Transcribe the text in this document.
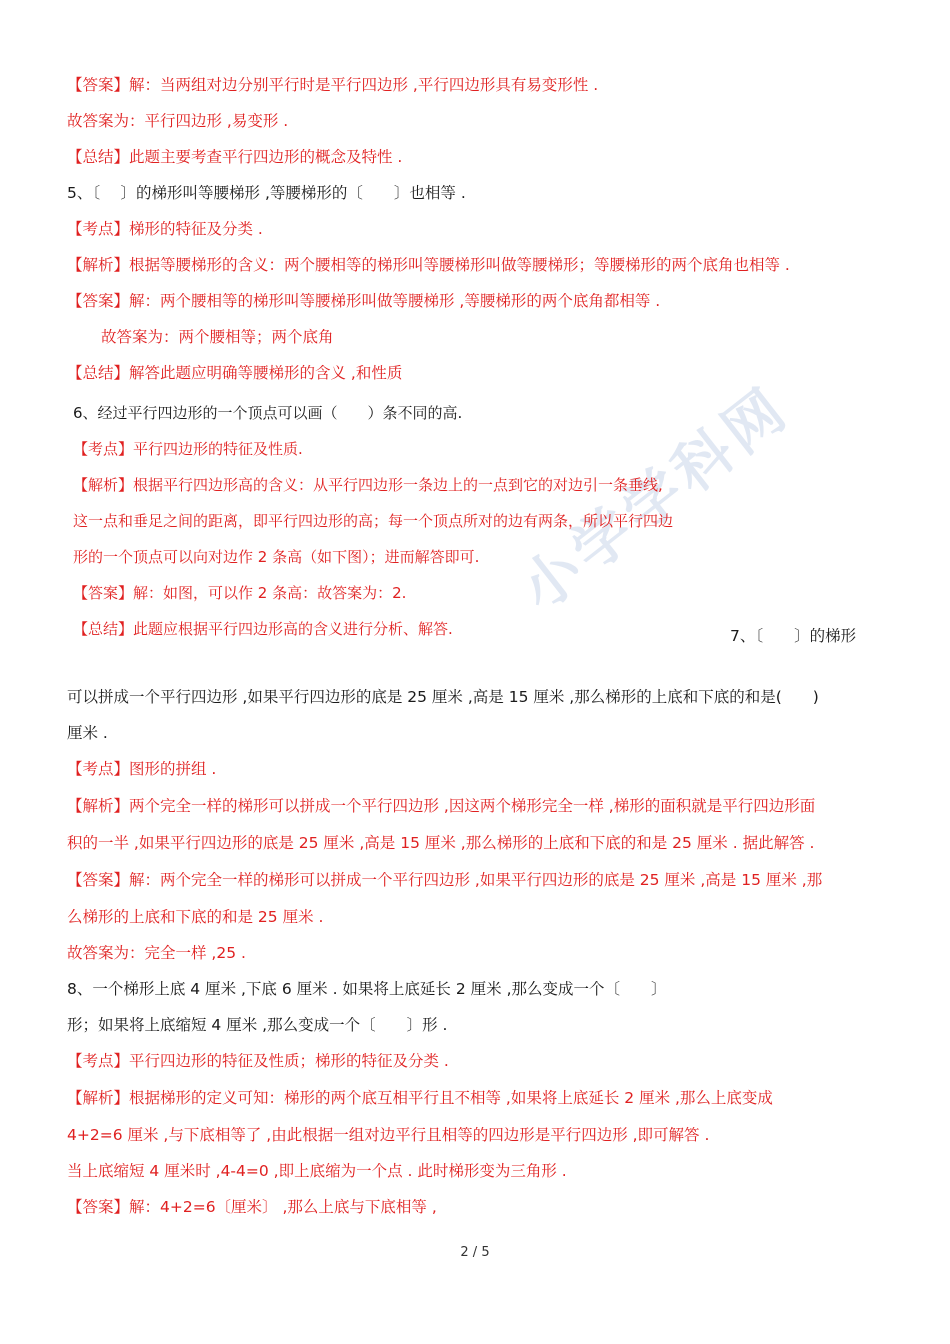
小学学科网
【答案】解：当两组对边分别平行时是平行四边形 ,平行四边形具有易变形性 .
故答案为：平行四边形 ,易变形 .
【总结】此题主要考查平行四边形的概念及特性 .
5、〔　 〕的梯形叫等腰梯形 ,等腰梯形的〔　　〕也相等 .
【考点】梯形的特征及分类 .
【解析】根据等腰梯形的含义：两个腰相等的梯形叫等腰梯形叫做等腰梯形；等腰梯形的两个底角也相等 .
【答案】解：两个腰相等的梯形叫等腰梯形叫做等腰梯形 ,等腰梯形的两个底角都相等 .
故答案为：两个腰相等；两个底角
【总结】解答此题应明确等腰梯形的含义 ,和性质
6、经过平行四边形的一个顶点可以画（　　）条不同的高.
【考点】平行四边形的特征及性质.
【解析】根据平行四边形高的含义：从平行四边形一条边上的一点到它的对边引一条垂线,
这一点和垂足之间的距离，即平行四边形的高；每一个顶点所对的边有两条，所以平行四边
形的一个顶点可以向对边作 2 条高（如下图）；进而解答即可.
【答案】解：如图，可以作 2 条高：故答案为：2.
【总结】此题应根据平行四边形高的含义进行分析、解答.	7、〔　　〕的梯形
可以拼成一个平行四边形 ,如果平行四边形的底是 25 厘米 ,高是 15 厘米 ,那么梯形的上底和下底的和是(　　)
厘米 .
【考点】图形的拼组 .
【解析】两个完全一样的梯形可以拼成一个平行四边形 ,因这两个梯形完全一样 ,梯形的面积就是平行四边形面
积的一半 ,如果平行四边形的底是 25 厘米 ,高是 15 厘米 ,那么梯形的上底和下底的和是 25 厘米 . 据此解答 .
【答案】解：两个完全一样的梯形可以拼成一个平行四边形 ,如果平行四边形的底是 25 厘米 ,高是 15 厘米 ,那
么梯形的上底和下底的和是 25 厘米 .
故答案为：完全一样 ,25 .
8、一个梯形上底 4 厘米 ,下底 6 厘米 . 如果将上底延长 2 厘米 ,那么变成一个〔　　〕
形；如果将上底缩短 4 厘米 ,那么变成一个〔　　〕形 .
【考点】平行四边形的特征及性质；梯形的特征及分类 .
【解析】根据梯形的定义可知：梯形的两个底互相平行且不相等 ,如果将上底延长 2 厘米 ,那么上底变成
4+2=6 厘米 ,与下底相等了 ,由此根据一组对边平行且相等的四边形是平行四边形 ,即可解答 .
当上底缩短 4 厘米时 ,4-4=0 ,即上底缩为一个点 . 此时梯形变为三角形 .
【答案】解：4+2=6〔厘米〕 ,那么上底与下底相等 ,
2 / 5
